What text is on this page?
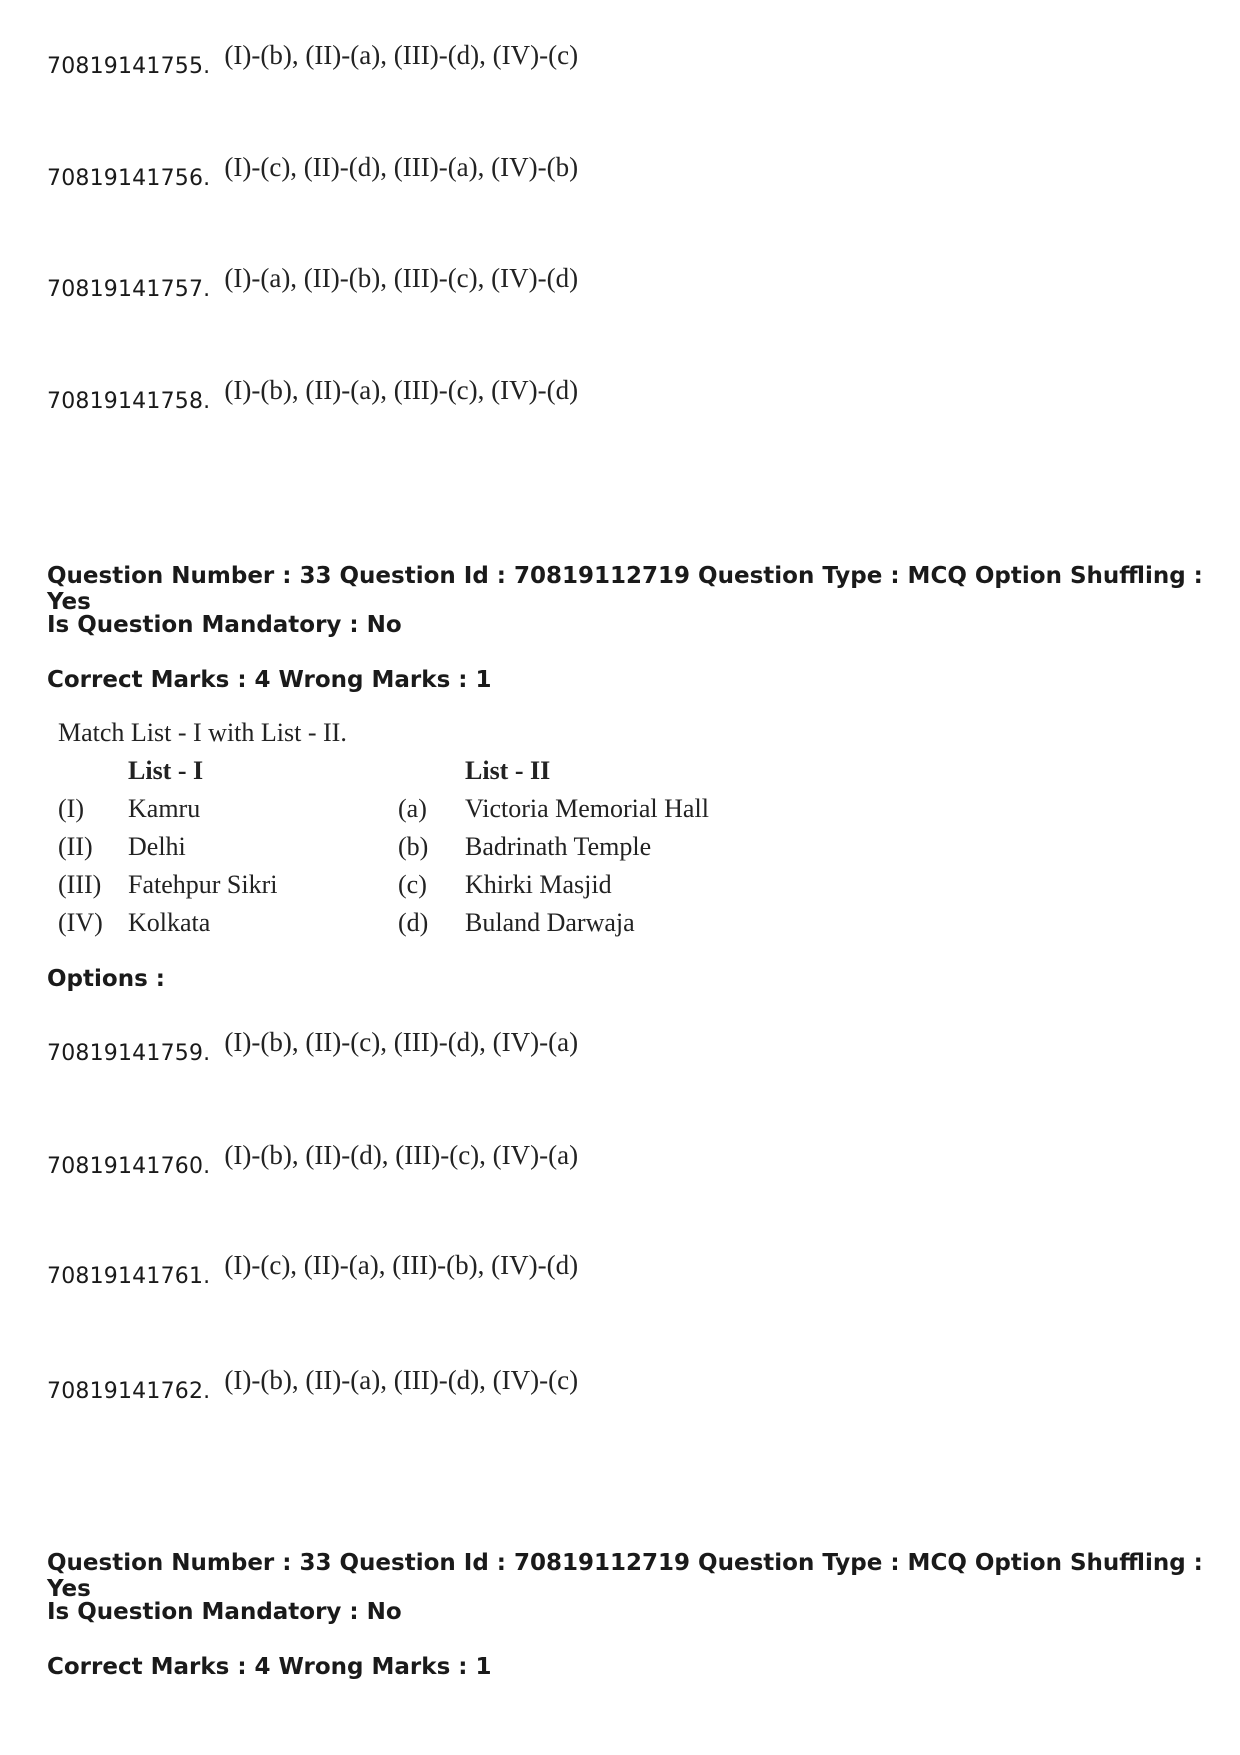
70819141755. (I)-(b), (II)-(a), (III)-(d), (IV)-(c)
70819141756. (I)-(c), (II)-(d), (III)-(a), (IV)-(b)
70819141757. (I)-(a), (II)-(b), (III)-(c), (IV)-(d)
70819141758. (I)-(b), (II)-(a), (III)-(c), (IV)-(d)
Question Number : 33 Question Id : 70819112719 Question Type : MCQ Option Shuffling : Yes
Is Question Mandatory : No
Correct Marks : 4 Wrong Marks : 1
Match List - I with List - II.
	List - I		List - II
(I)	Kamru	(a)	Victoria Memorial Hall
(II)	Delhi	(b)	Badrinath Temple
(III)	Fatehpur Sikri	(c)	Khirki Masjid
(IV)	Kolkata	(d)	Buland Darwaja
Options :
70819141759. (I)-(b), (II)-(c), (III)-(d), (IV)-(a)
70819141760. (I)-(b), (II)-(d), (III)-(c), (IV)-(a)
70819141761. (I)-(c), (II)-(a), (III)-(b), (IV)-(d)
70819141762. (I)-(b), (II)-(a), (III)-(d), (IV)-(c)
Question Number : 33 Question Id : 70819112719 Question Type : MCQ Option Shuffling : Yes
Is Question Mandatory : No
Correct Marks : 4 Wrong Marks : 1
